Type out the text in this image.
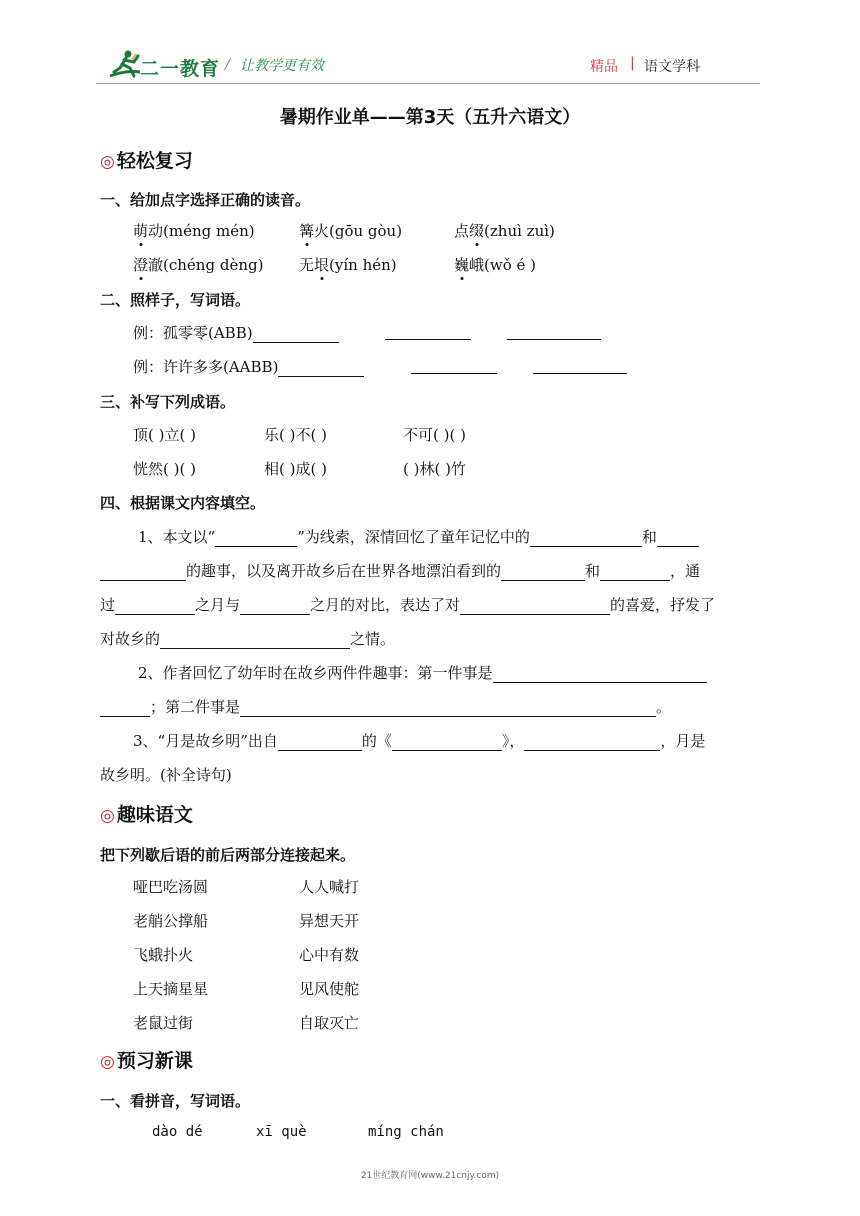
二一教育 / 让教学更有效	精品 | 语文学科
暑期作业单——第3天（五升六语文）
◎ 轻松复习
一、给加点字选择正确的读音。
萌动(méng mén)	篝火(gōu gòu)	点缀(zhuì zuì)
澄澈(chéng dèng) 无垠(yín hén)	巍峨(wǒ é )
二、照样子，写词语。
例：孤零零(ABB)
例：许许多多(AABB)
三、补写下列成语。
顶( )立( )	乐( )不( )	不可( )( )
恍然( )( )	相( )成( )	( )林( )竹
四、根据课文内容填空。
1、本文以“	”为线索，深情回忆了童年记忆中的	和
的趣事，以及离开故乡后在世界各地漂泊看到的	和	，通
过	之月与	之月的对比，表达了对	的喜爱，抒发了
对故乡的	之情。
2、作者回忆了幼年时在故乡两件件趣事：第一件事是
；第二件事是	。
3、“月是故乡明”出自	的《	》，	，月是
故乡明。(补全诗句)
◎ 趣味语文
把下列歇后语的前后两部分连接起来。
哑巴吃汤圆	人人喊打
老艄公撑船	异想天开
飞蛾扑火	心中有数
上天摘星星	见风使舵
老鼠过街	自取灭亡
◎ 预习新课
一、看拼音，写词语。
dào dé	xī què	míng chán
21世纪教育网(www.21cnjy.com)
